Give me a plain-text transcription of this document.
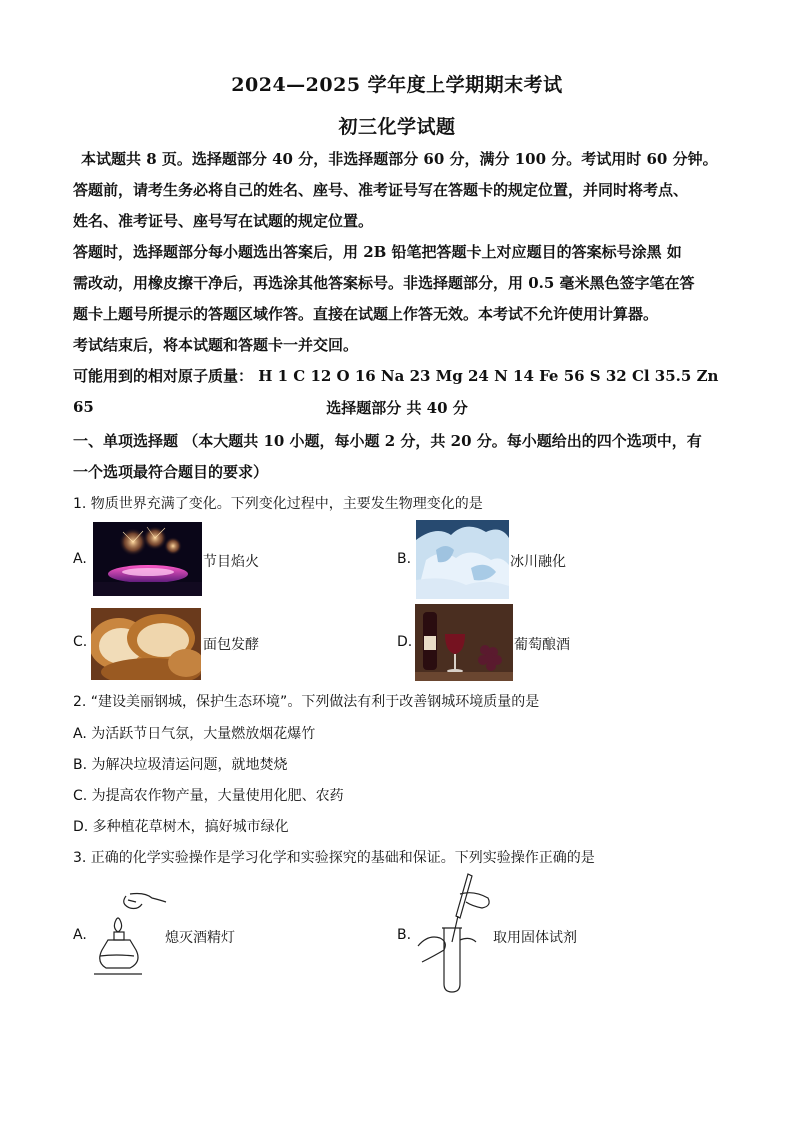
2024—2025 学年度上学期期末考试
初三化学试题

本试题共 8 页。选择题部分 40 分，非选择题部分 60 分，满分 100 分。考试用时 60 分钟。

答题前，请考生务必将自己的姓名、座号、准考证号写在答题卡的规定位置，并同时将考点、

姓名、准考证号、座号写在试题的规定位置。

答题时，选择题部分每小题选出答案后，用 2B 铅笔把答题卡上对应题目的答案标号涂黑 如

需改动，用橡皮擦干净后，再选涂其他答案标号。非选择题部分，用 0.5 毫米黑色签字笔在答

题卡上题号所提示的答题区域作答。直接在试题上作答无效。本考试不允许使用计算器。

考试结束后，将本试题和答题卡一并交回。

可能用到的相对原子质量： H 1 C 12 O 16 Na 23 Mg 24 N 14 Fe 56 S 32 Cl 35.5 Zn 65	选择题部分 共 40 分
一、单项选择题 （本大题共 10 小题，每小题 2 分，共 20 分。每小题给出的四个选项中，有
一个选项最符合题目的要求）
1. 物质世界充满了变化。下列变化过程中，主要发生物理变化的是
A.	节目焰火	B.	冰川融化
C.	面包发酵	D.	葡萄酿酒
2. “建设美丽钢城，保护生态环境”。下列做法有利于改善钢城环境质量的是
A. 为活跃节日气氛，大量燃放烟花爆竹
B. 为解决垃圾清运问题，就地焚烧
C. 为提高农作物产量，大量使用化肥、农药
D. 多种植花草树木，搞好城市绿化
3. 正确的化学实验操作是学习化学和实验探究的基础和保证。下列实验操作正确的是
A.	熄灭酒精灯	B.	取用固体试剂
